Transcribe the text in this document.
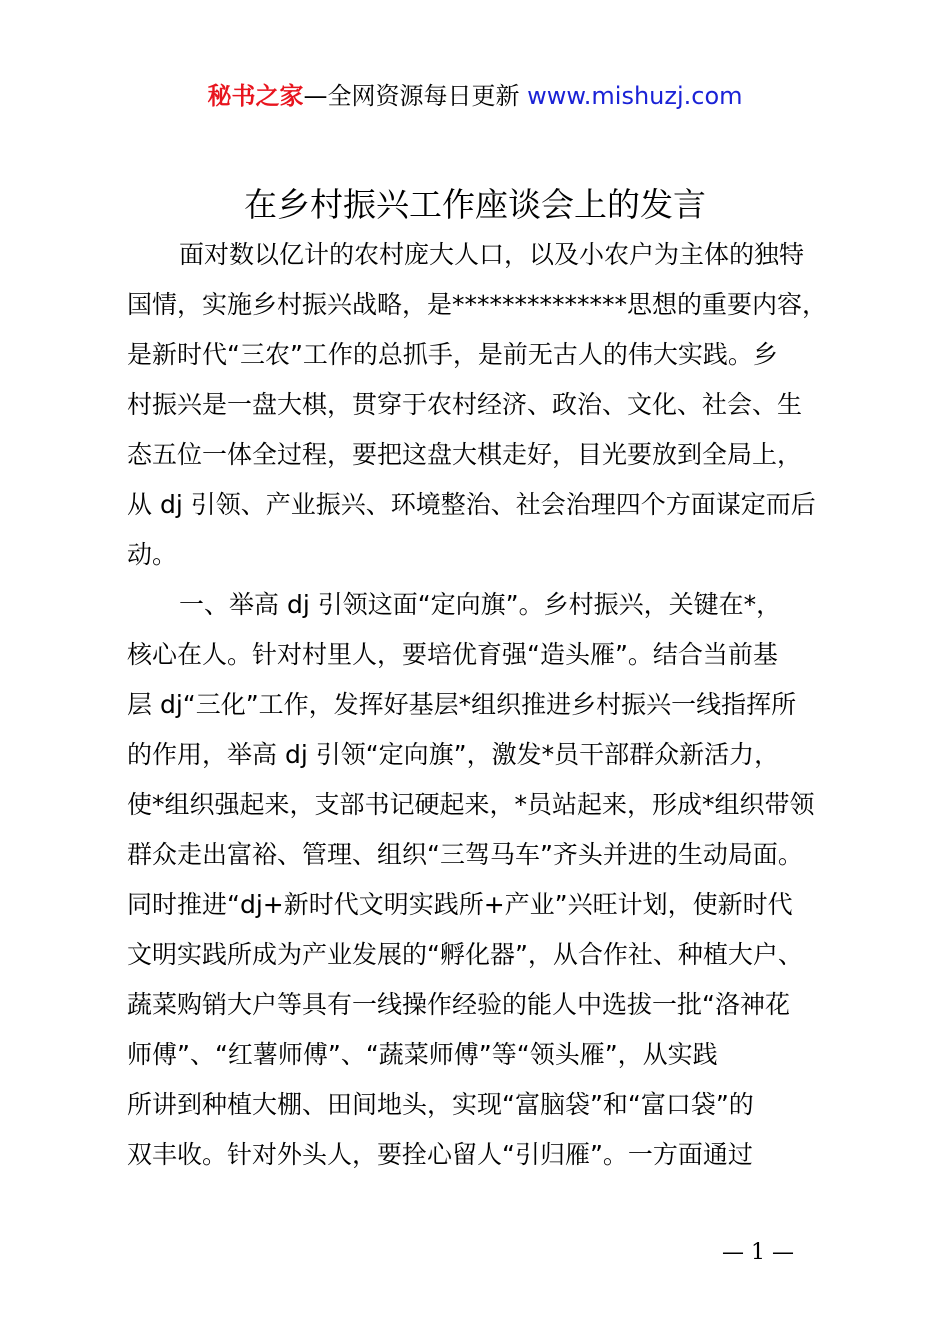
秘书之家—全网资源每日更新 www.mishuzj.com
在乡村振兴工作座谈会上的发言
面对数以亿计的农村庞大人口，以及小农户为主体的独特
国情，实施乡村振兴战略，是**************思想的重要内容，
是新时代“三农”工作的总抓手，是前无古人的伟大实践。乡
村振兴是一盘大棋，贯穿于农村经济、政治、文化、社会、生
态五位一体全过程，要把这盘大棋走好，目光要放到全局上，
从 dj 引领、产业振兴、环境整治、社会治理四个方面谋定而后
动。
一、举高 dj 引领这面“定向旗”。乡村振兴，关键在*，
核心在人。针对村里人，要培优育强“造头雁”。结合当前基
层 dj“三化”工作，发挥好基层*组织推进乡村振兴一线指挥所
的作用，举高 dj 引领“定向旗”，激发*员干部群众新活力，
使*组织强起来，支部书记硬起来，*员站起来，形成*组织带领
群众走出富裕、管理、组织“三驾马车”齐头并进的生动局面。
同时推进“dj+新时代文明实践所+产业”兴旺计划，使新时代
文明实践所成为产业发展的“孵化器”，从合作社、种植大户、
蔬菜购销大户等具有一线操作经验的能人中选拔一批“洛神花
师傅”、“红薯师傅”、“蔬菜师傅”等“领头雁”，从实践
所讲到种植大棚、田间地头，实现“富脑袋”和“富口袋”的
双丰收。针对外头人，要拴心留人“引归雁”。一方面通过
— 1 —
